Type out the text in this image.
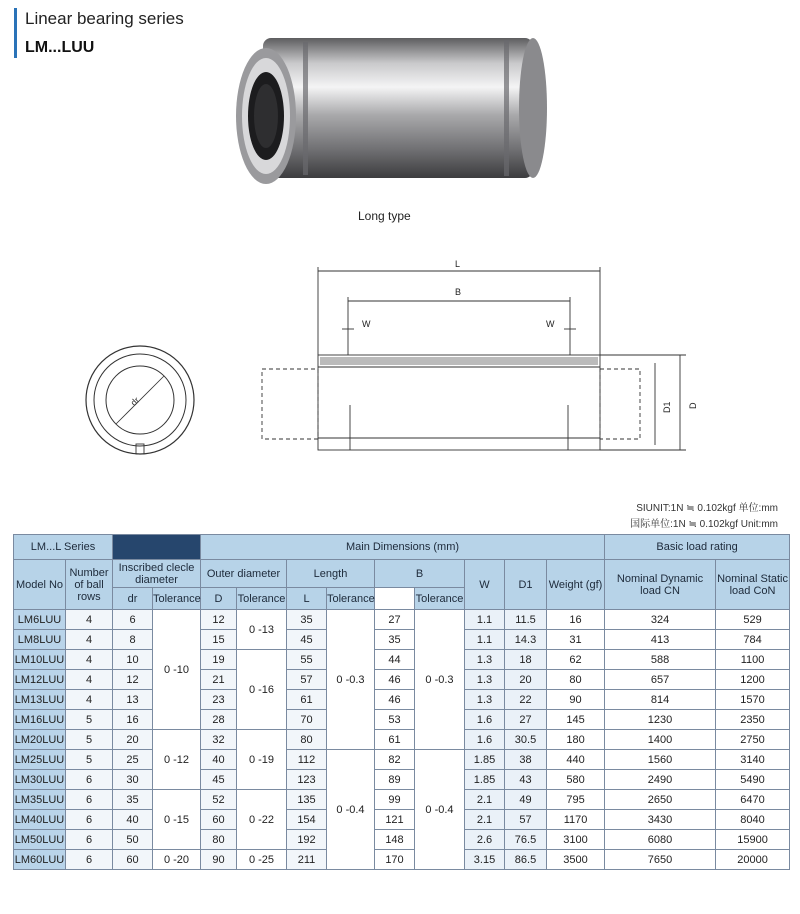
Linear bearing series
LM...LUU
Long type
dr
L
B
W	W
D1 D
SIUNIT:1N ≒ 0.102kgf 单位:mm
国际单位:1N ≒ 0.102kgf Unit:mm
LM...L Series				Main Dimensions (mm)									Basic load rating	
Model No	Number of ball rows	Inscribed clecle diameter		Outer diameter		Length		B		W	D1	Weight (gf)	Nominal Dynamic load CN	Nominal Static load CoN
		dr	Tolerance	D	Tolerance	L	Tolerance		Tolerance					
LM6LUU	4	6	0 -10	12	0 -13	35	0 -0.3	27	0 -0.3	1.1	11.5	16	324	529
LM8LUU	4	8		15		45		35		1.1	14.3	31	413	784
LM10LUU	4	10		19	0 -16	55		44		1.3	18	62	588	1100
LM12LUU	4	12		21		57		46		1.3	20	80	657	1200
LM13LUU	4	13		23		61		46		1.3	22	90	814	1570
LM16LUU	5	16		28		70		53		1.6	27	145	1230	2350
LM20LUU	5	20	0 -12	32	0 -19	80		61		1.6	30.5	180	1400	2750
LM25LUU	5	25		40		112	0 -0.4	82	0 -0.4	1.85	38	440	1560	3140
LM30LUU	6	30		45		123		89		1.85	43	580	2490	5490
LM35LUU	6	35	0 -15	52	0 -22	135		99		2.1	49	795	2650	6470
LM40LUU	6	40		60		154		121		2.1	57	1170	3430	8040
LM50LUU	6	50		80		192		148		2.6	76.5	3100	6080	15900
LM60LUU	6	60	0 -20	90	0 -25	211		170		3.15	86.5	3500	7650	20000
